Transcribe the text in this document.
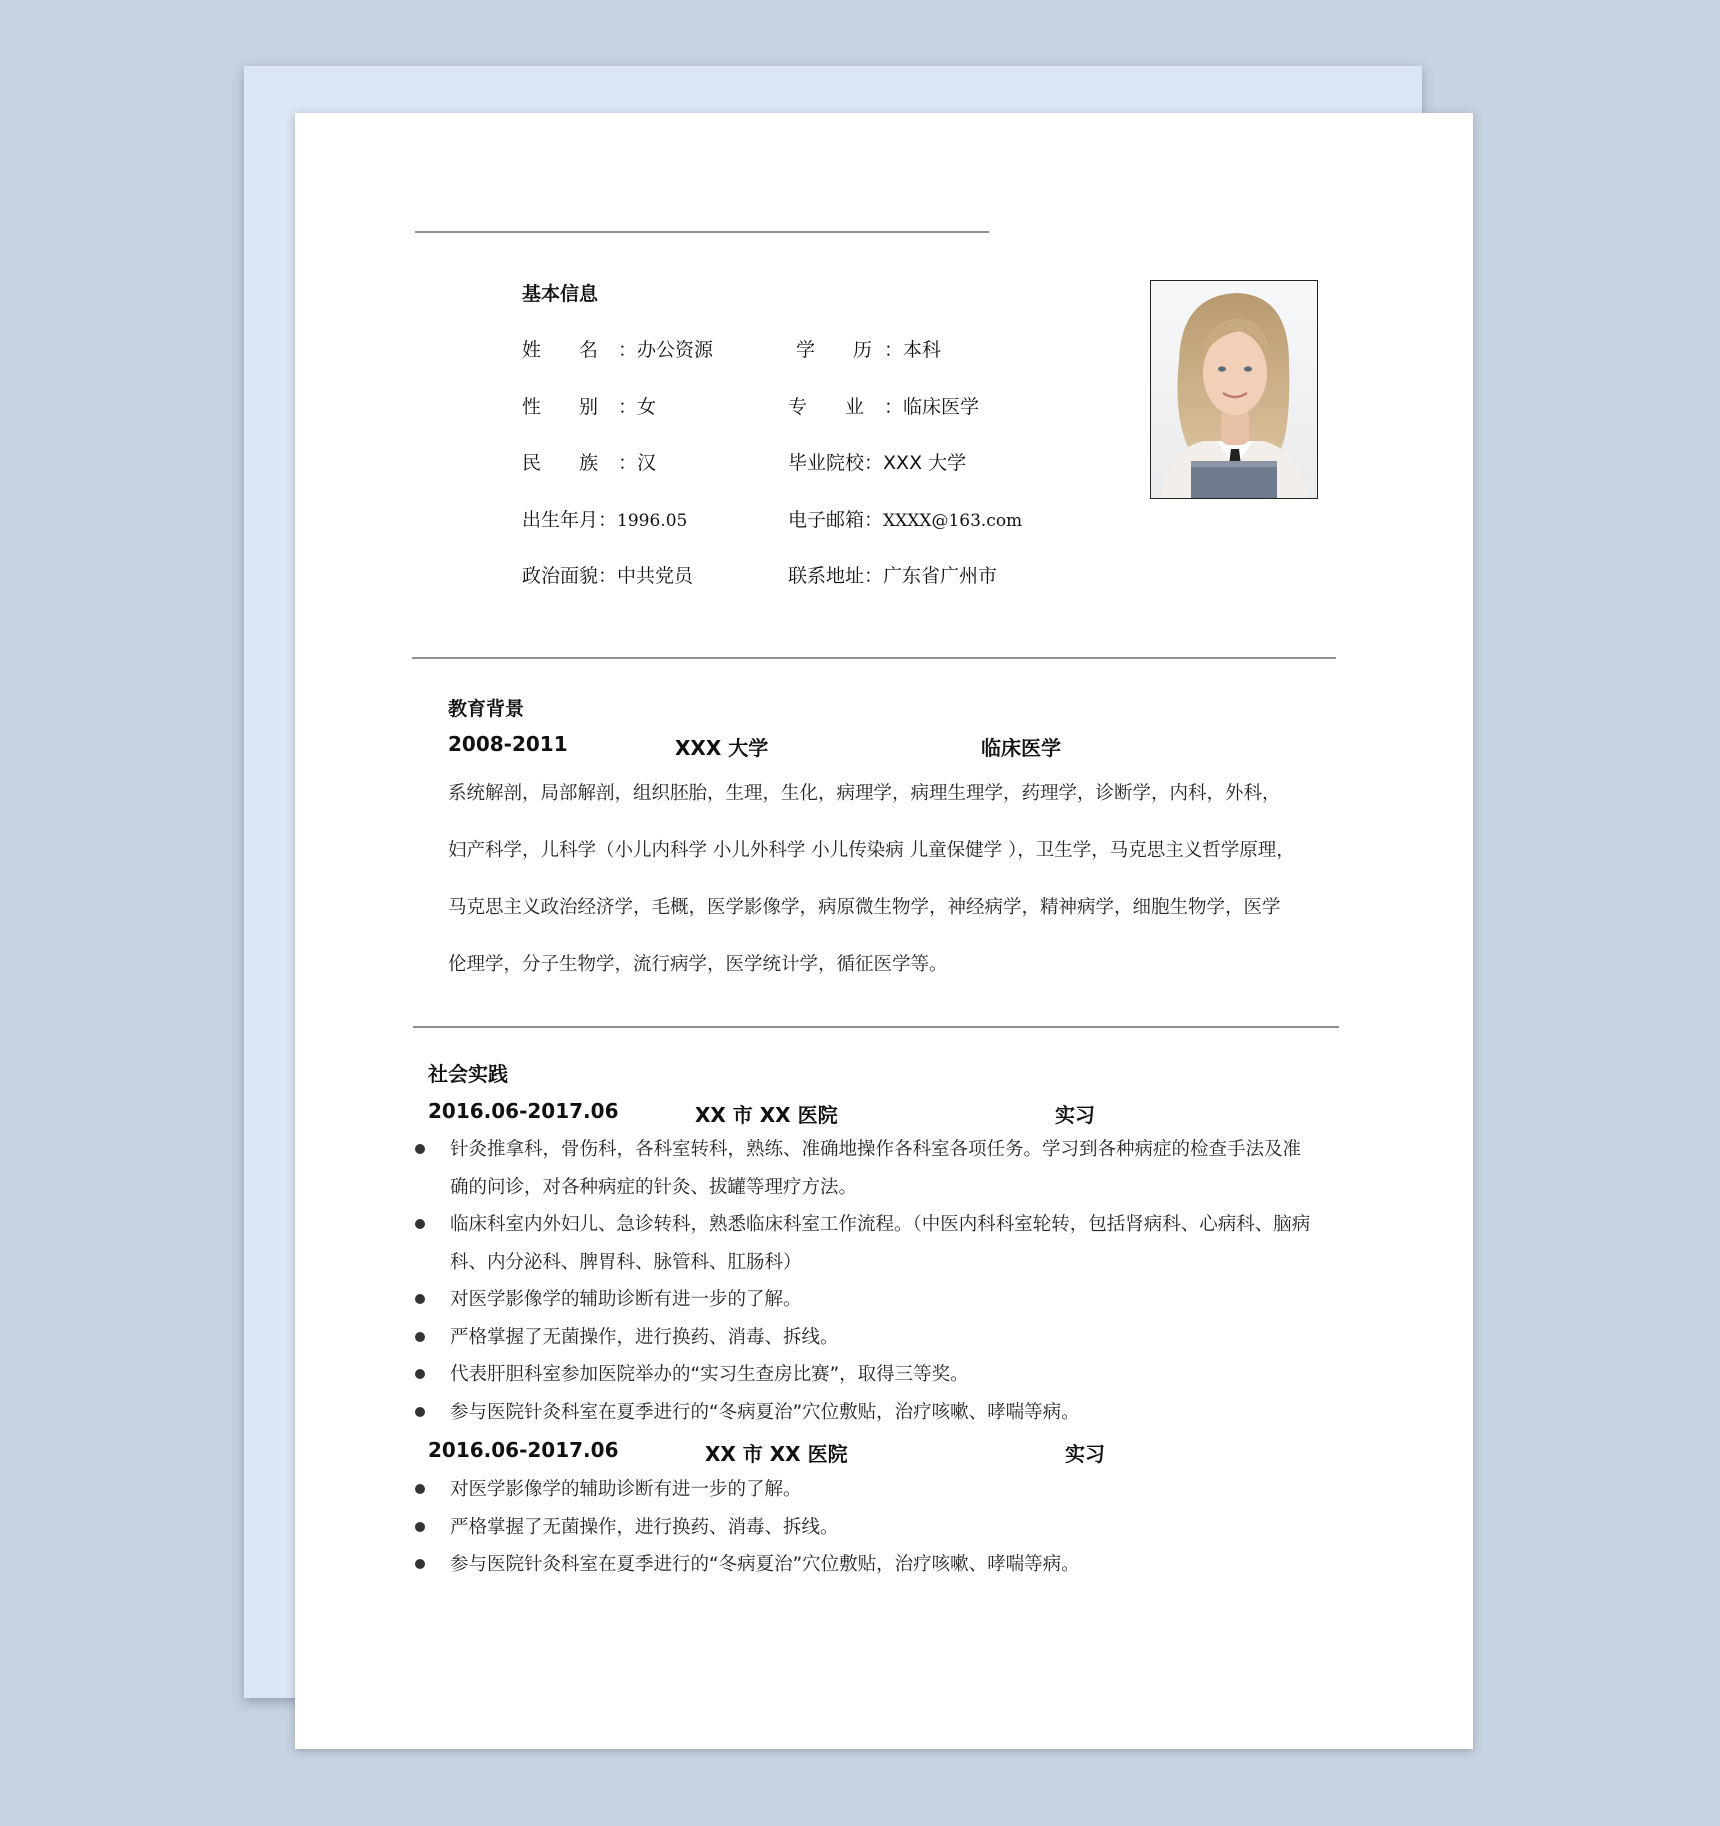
基本信息
姓 名 ：办公资源
性 别 ：女
民 族 ：汉
出生年月：1996.05
政治面貌：中共党员
学 历 ：本科
专 业 ：临床医学
毕业院校：XXX 大学
电子邮箱：XXXX@163.com
联系地址：广东省广州市
教育背景
2008-2011	XXX 大学	临床医学
系统解剖，局部解剖，组织胚胎，生理，生化，病理学，病理生理学，药理学，诊断学，内科，外科，
妇产科学，儿科学（小儿内科学 小儿外科学 小儿传染病 儿童保健学 ），卫生学，马克思主义哲学原理，
马克思主义政治经济学，毛概，医学影像学，病原微生物学，神经病学，精神病学，细胞生物学，医学
伦理学，分子生物学，流行病学，医学统计学，循征医学等。
社会实践
2016.06-2017.06	XX 市 XX 医院	实习
针灸推拿科，骨伤科，各科室转科，熟练、准确地操作各科室各项任务。学习到各种病症的检查手法及准
确的问诊，对各种病症的针灸、拔罐等理疗方法。
临床科室内外妇儿、急诊转科，熟悉临床科室工作流程。（中医内科科室轮转，包括肾病科、心病科、脑病
科、内分泌科、脾胃科、脉管科、肛肠科）
对医学影像学的辅助诊断有进一步的了解。
严格掌握了无菌操作，进行换药、消毒、拆线。
代表肝胆科室参加医院举办的“实习生查房比赛”，取得三等奖。
参与医院针灸科室在夏季进行的“冬病夏治”穴位敷贴，治疗咳嗽、哮喘等病。
2016.06-2017.06	XX 市 XX 医院	实习
对医学影像学的辅助诊断有进一步的了解。
严格掌握了无菌操作，进行换药、消毒、拆线。
参与医院针灸科室在夏季进行的“冬病夏治”穴位敷贴，治疗咳嗽、哮喘等病。
